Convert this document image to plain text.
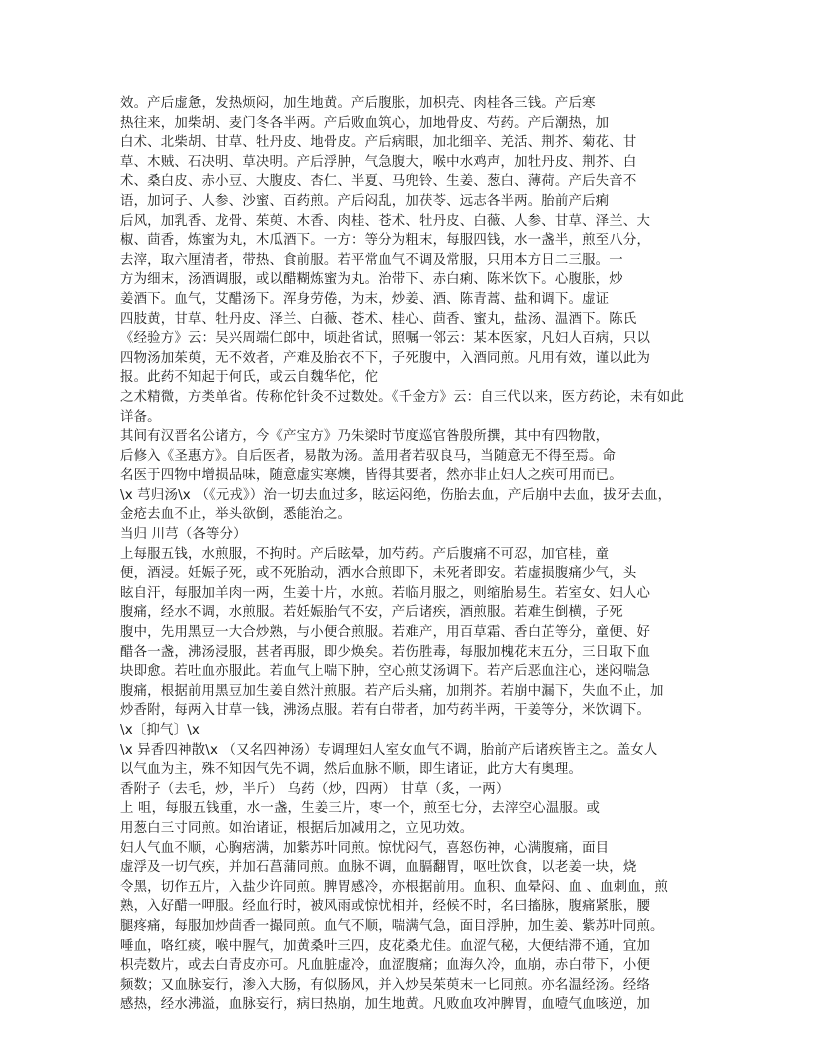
效。产后虚惫，发热烦闷，加生地黄。产后腹胀，加枳壳、肉桂各三钱。产后寒
热往来，加柴胡、麦门冬各半两。产后败血筑心，加地骨皮、芍药。产后潮热，加
白术、北柴胡、甘草、牡丹皮、地骨皮。产后病眼，加北细辛、羌活、荆芥、菊花、甘
草、木贼、石决明、草决明。产后浮肿，气急腹大，喉中水鸡声，加牡丹皮、荆芥、白
术、桑白皮、赤小豆、大腹皮、杏仁、半夏、马兜铃、生姜、葱白、薄荷。产后失音不
语，加诃子、人参、沙蜜、百药煎。产后闷乱，加茯苓、远志各半两。胎前产后痢
后风，加乳香、龙骨、茱萸、木香、肉桂、苍术、牡丹皮、白薇、人参、甘草、泽兰、大
椒、茴香，炼蜜为丸，木瓜酒下。一方：等分为粗末，每服四钱，水一盏半，煎至八分，
去滓，取六厘清者，带热、食前服。若平常血气不调及常服，只用本方日二三服。一
方为细末，汤酒调服，或以醋糊炼蜜为丸。治带下、赤白痢、陈米饮下。心腹胀，炒
姜酒下。血气，艾醋汤下。浑身劳倦，为末，炒姜、酒、陈青蒿、盐和调下。虚证
四肢黄，甘草、牡丹皮、泽兰、白薇、苍术、桂心、茴香、蜜丸，盐汤、温酒下。陈氏
《经验方》云：吴兴周端仁郎中，顷赴省试，照嘱一邻云：某本医家，凡妇人百病，只以
四物汤加茱萸，无不效者，产难及胎衣不下，子死腹中，入酒同煎。凡用有效，谨以此为
报。此药不知起于何氏，或云自魏华佗，佗
之术精微，方类单省。传称佗针灸不过数处。《千金方》云：自三代以来，医方药论，未有如此
详备。
其间有汉晋名公诸方，今《产宝方》乃朱梁时节度巡官昝殷所撰，其中有四物散，
后修入《圣惠方》。自后医者，易散为汤。盖用者若驭良马，当随意无不得至焉。命
名医于四物中增损品味，随意虚实寒燠，皆得其要者，然亦非止妇人之疾可用而已。
\x 芎归汤\x （《元戎》）治一切去血过多，眩运闷绝，伤胎去血，产后崩中去血，拔牙去血，
金疮去血不止，举头欲倒，悉能治之。
当归 川芎（各等分）
上每服五钱，水煎服，不拘时。产后眩晕，加芍药。产后腹痛不可忍，加官桂，童
便，酒浸。妊娠子死，或不死胎动，洒水合煎即下，未死者即安。若虚损腹痛少气，头
眩自汗，每服加羊肉一两，生姜十片，水煎。若临月服之，则缩胎易生。若室女、妇人心
腹痛，经水不调，水煎服。若妊娠胎气不安，产后诸疾，酒煎服。若难生倒横，子死
腹中，先用黑豆一大合炒熟，与小便合煎服。若难产，用百草霜、香白芷等分，童便、好
醋各一盏，沸汤浸服，甚者再服，即少焕矣。若伤胜毒，每服加槐花末五分，三日取下血
块即愈。若吐血亦服此。若血气上喘下肿，空心煎艾汤调下。若产后恶血注心，迷闷喘急
腹痛，根据前用黑豆加生姜自然汁煎服。若产后头痛，加荆芥。若崩中漏下，失血不止，加
炒香附，每两入甘草一钱，沸汤点服。若有白带者，加芍药半两，干姜等分，米饮调下。
\x〔抑气〕\x
\x 异香四神散\x （又名四神汤）专调理妇人室女血气不调，胎前产后诸疾皆主之。盖女人
以气血为主，殊不知因气先不调，然后血脉不顺，即生诸证，此方大有奥理。
香附子（去毛，炒，半斤） 乌药（炒，四两） 甘草（炙，一两）
上 咀，每服五钱重，水一盏，生姜三片，枣一个，煎至七分，去滓空心温服。或
用葱白三寸同煎。如治诸证，根据后加减用之，立见功效。
妇人气血不顺，心胸痞满，加紫苏叶同煎。惊忧闷气，喜怒伤神，心满腹痛，面目
虚浮及一切气疾，并加石菖蒲同煎。血脉不调，血膈翻胃，呕吐饮食，以老姜一块，烧
令黑，切作五片，入盐少许同煎。脾胃感冷，亦根据前用。血积、血晕闷、血 、血刺血，煎
熟，入好醋一呷服。经血行时，被风雨或惊忧相并，经候不时，名曰搐脉，腹痛紧胀，腰
腿疼痛，每服加炒茴香一撮同煎。血气不顺，喘满气急，面目浮肿，加生姜、紫苏叶同煎。
唾血，咯红痰，喉中腥气，加黄桑叶三四，皮花桑尤佳。血涩气秘，大便结滞不通，宜加
枳壳数片，或去白青皮亦可。凡血脏虚冷，血涩腹痛；血海久冷，血崩，赤白带下，小便
频数；又血脉妄行，渗入大肠，有似肠风，并入炒吴茱萸末一匕同煎。亦名温经汤。经络
感热，经水沸溢，血脉妄行，病曰热崩，加生地黄。凡败血攻冲脾胃，血噎气血咳逆，加
